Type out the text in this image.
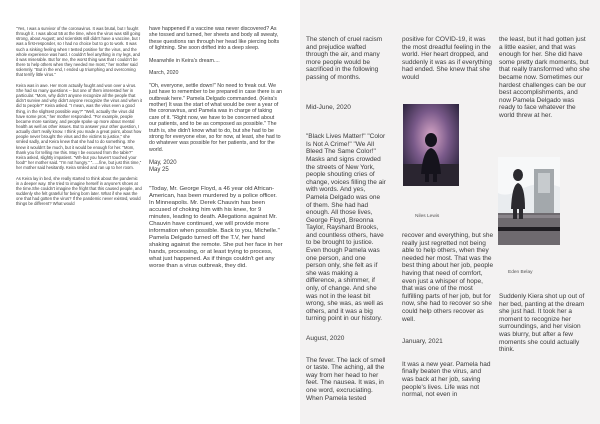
"Yes, I was a survivor of the coronavirus. It was brutal, but I fought through it. I was about 55 at the time, when the virus was still going strong, about August; and scientists still didn't have a vaccine, but I was a first-responder, so I had no choice but to go to work. It was such a sinking feeling when I tested positive for the virus, and the whole experience was hard. I couldn't feel anything in my legs, and it was miserable. But for me, the worst thing was that I couldn't be there to help others when they needed me most," her mother said solemnly. "But in the end, I ended up triumphing and overcoming that terrify little virus."

Keira was in awe. Her mom actually fought and won over a virus. She had so many questions -- but one of them interested her in particular. "Mom, why didn't anyone recognize all the people that didn't survive and why didn't anyone recognize the virus and when it did to people?" Keira asked. "I mean, was the virus even a good thing, in the slightest possible way?" "Well, actually the virus did have some pros," her mother responded. "For example, people became more sanitary, and people spoke up more about mental health as well as other issues. But to answer your other question, I actually don't really know. I think you made a great point, about how people never brought the virus and the victims to justice," she smiled sadly, and Keira knew that she had to do something. She knew it wouldn't be much, but it would be enough for her. "Mom, thank you for telling me this. May I be excused from the table?" Keira asked, slightly impatient. "Wh-but you haven't touched your food!" her mother said. "I'm not hungry." "......fine, but just this time," her mother said hesitantly. Keira smiled and ran up to her room.

As Keira lay in bed, she really started to think about the pandemic in a deeper way. She tried to imagine herself in anyone's shoes at the time.She couldn't imagine the fright that this caused people, and suddenly she felt grateful for being born later. What if she was the one that had gotten the virus? If the pandemic never existed, would things be different? What would

have happened if a vaccine was never discovered? As she tossed and turned, her sheets and body all sweaty, these questions ran through her head like piercing bolts of lightning. She soon drifted into a deep sleep.

Meanwhile in Keira's dream....

March, 2020

"Oh, everyone, settle down!" No need to freak out. We just have to remember to be prepared in case there is an outbreak here." Pamela Delgado commanded. (Keira's mother) It was the start of what would be over a year of the coronavirus, and Pamela was in charge of taking care of it. "Right now, we have to be concerned about our patients, and to be as composed as possible." The truth is, she didn't know what to do, but she had to be strong for everyone else, so for now, at least, she had to do whatever was possible for her patients, and for the world.

May, 2020
May 25

"Today, Mr. George Floyd, a 46 year old African-American, has been murdered by a police officer. In Minneapolis. Mr. Derek Chauvin has been accused of choking him with his knee, for 9 minutes, leading to death. Allegations against Mr. Chauvin have continued, we will provide more information when possible. Back to you, Michelle." Pamela Delgado turned off the T.V, her hand shaking against the remote. She put her face in her hands, processing, or at least trying to process, what just happened. As if things couldn't get any worse than a virus outbreak, they did.

The stench of cruel racism and prejudice wafted through the air, and many more people would be sacrificed in the following passing of months.

Mid-June, 2020

"Black Lives Matter!" "Color Is Not A Crime!" "We All Bleed The Same Color!" Masks and signs crowded the streets of New York, people shouting cries of change, voices filling the air with words. And yes, Pamela Delgado was one of them. She had had enough. All those lives, George Floyd, Breonna Taylor, Rayshard Brooks, and countless others, have to be brought to justice. Even though Pamela was one person, and one person only, she felt as if she was making a difference, a shimmer, if only, of change. And she was not in the least bit wrong, she was, as well as others, and it was a big turning point in our history.

August, 2020

The fever. The lack of smell or taste. The aching, all the way from her head to her feet. The nausea. It was, in one word, excruciating. When Pamela tested

positive for COVID-19, it was the most dreadful feeling in the world. Her heart dropped, and suddenly it was as if everything had ended. She knew that she would

Niles Lewis

recover and everything, but she really just regretted not being able to help others, when they needed her most. That was the best thing about her job, people having that need of comfort, even just a whisper of hope, that was one of the most fulfilling parts of her job, but for now, she had to recover so she could help others recover as well.

January, 2021

It was a new year. Pamela had finally beaten the virus, and was back at her job, saving people's lives. Life was not normal, not even in

the least, but it had gotten just a little easier, and that was enough for her. She did have some pretty dark moments, but that really transformed who she became now. Sometimes our hardest challenges can be our best accomplishments, and now Pamela Delgado was ready to face whatever the world threw at her.

Eden Belay

Suddenly Kiera shot up out of her bed, panting at the dream she just had. It took her a moment to recognize her surroundings, and her vision was blurry, but after a few moments she could actually think.
